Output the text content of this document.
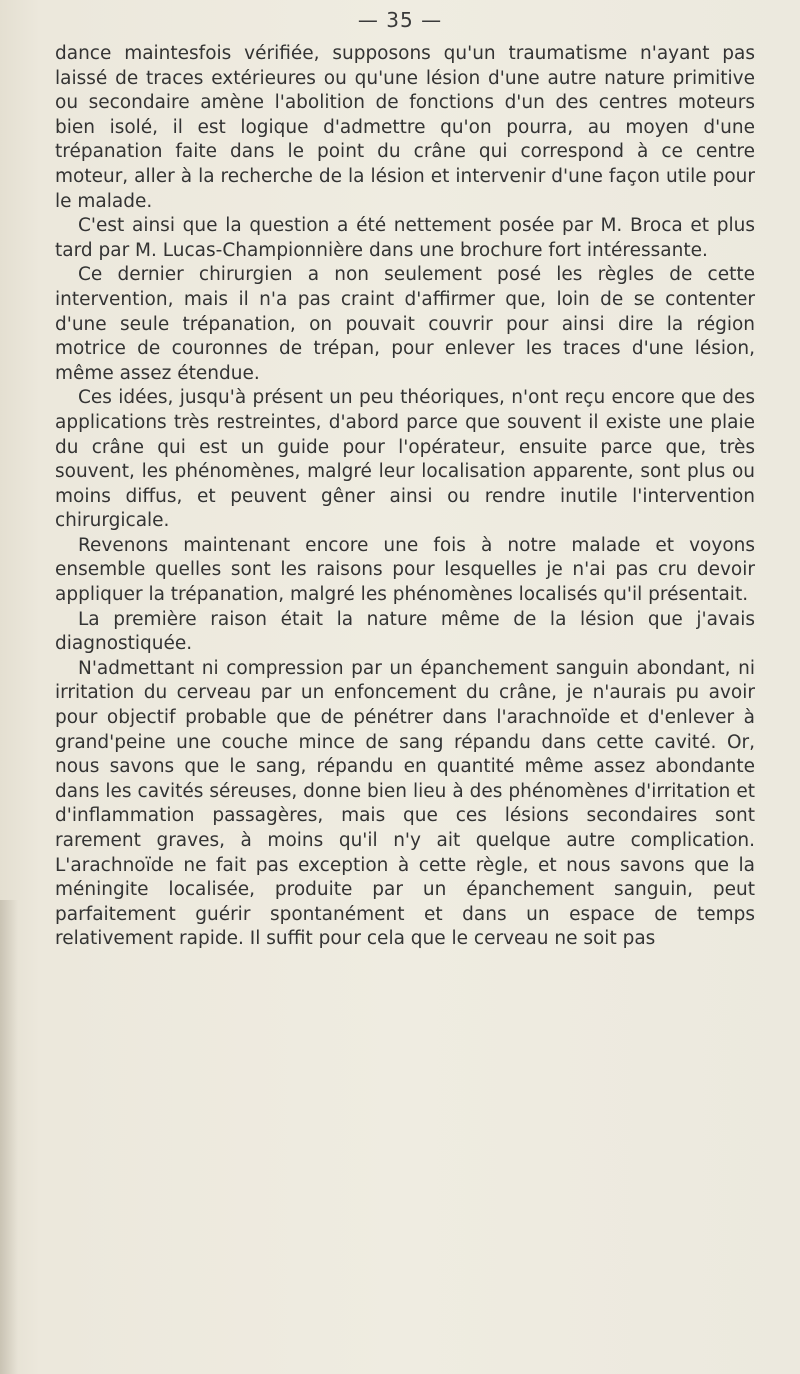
— 35 —

dance maintesfois vérifiée, supposons qu'un traumatisme n'ayant pas laissé de traces extérieures ou qu'une lésion d'une autre nature primitive ou secondaire amène l'abolition de fonctions d'un des centres moteurs bien isolé, il est logique d'admettre qu'on pourra, au moyen d'une trépanation faite dans le point du crâne qui correspond à ce centre moteur, aller à la recherche de la lésion et intervenir d'une façon utile pour le malade.

C'est ainsi que la question a été nettement posée par M. Broca et plus tard par M. Lucas-Championnière dans une brochure fort intéressante.

Ce dernier chirurgien a non seulement posé les règles de cette intervention, mais il n'a pas craint d'affirmer que, loin de se contenter d'une seule trépanation, on pouvait couvrir pour ainsi dire la région motrice de couronnes de trépan, pour enlever les traces d'une lésion, même assez étendue.

Ces idées, jusqu'à présent un peu théoriques, n'ont reçu encore que des applications très restreintes, d'abord parce que souvent il existe une plaie du crâne qui est un guide pour l'opérateur, ensuite parce que, très souvent, les phénomènes, malgré leur localisation apparente, sont plus ou moins diffus, et peuvent gêner ainsi ou rendre inutile l'intervention chirurgicale.

Revenons maintenant encore une fois à notre malade et voyons ensemble quelles sont les raisons pour lesquelles je n'ai pas cru devoir appliquer la trépanation, malgré les phénomènes localisés qu'il présentait.

La première raison était la nature même de la lésion que j'avais diagnostiquée.

N'admettant ni compression par un épanchement sanguin abondant, ni irritation du cerveau par un enfoncement du crâne, je n'aurais pu avoir pour objectif probable que de pénétrer dans l'arachnoïde et d'enlever à grand'peine une couche mince de sang répandu dans cette cavité. Or, nous savons que le sang, répandu en quantité même assez abondante dans les cavités séreuses, donne bien lieu à des phénomènes d'irritation et d'inflammation passagères, mais que ces lésions secondaires sont rarement graves, à moins qu'il n'y ait quelque autre complication. L'arachnoïde ne fait pas exception à cette règle, et nous savons que la méningite localisée, produite par un épanchement sanguin, peut parfaitement guérir spontanément et dans un espace de temps relativement rapide. Il suffit pour cela que le cerveau ne soit pas
